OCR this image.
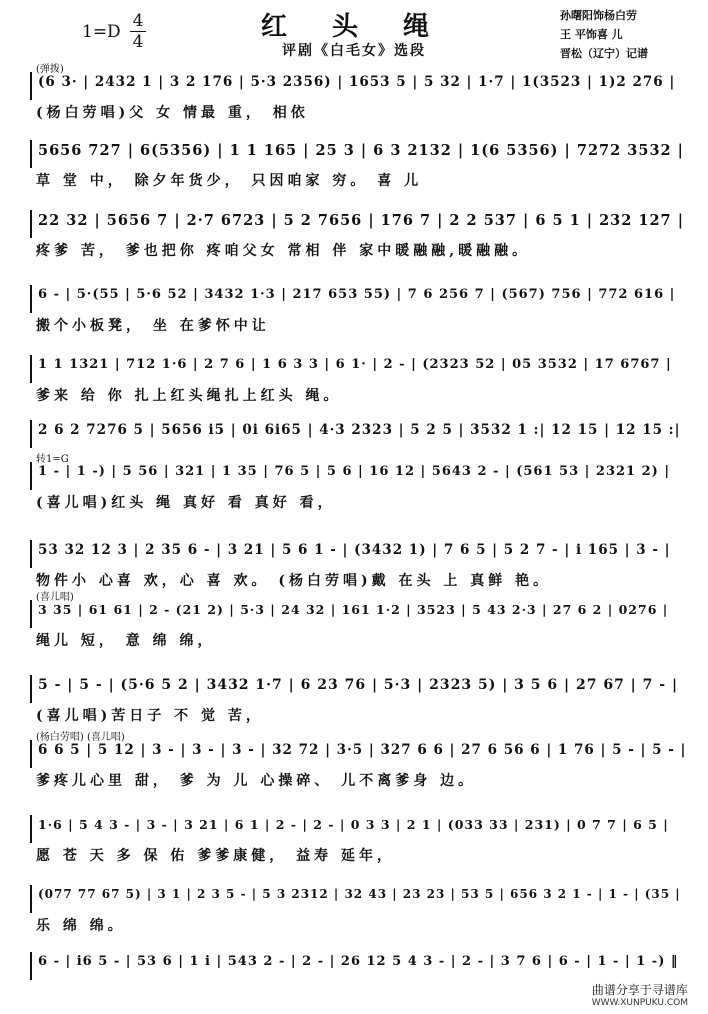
红 头 绳
评剧《白毛女》选段
1=D
4
4
孙曙阳饰杨白劳
王 平饰喜 儿
晋松（辽宁）记谱
(弹拨)
(6 3· | 2432 1 | 3 2 176 | 5·3 2356) | 1653 5 | 5 32 | 1·7 | 1(3523 | 1)2 276 |
(杨白劳唱)父 女 情最 重， 相依
5656 727 | 6(5356) | 1 1 165 | 25 3 | 6 3 2132 | 1(6 5356) | 7272 3532 |
草 堂 中， 除夕年货少， 只因咱家 穷。 喜 儿
22 32 | 5656 7 | 2·7 6723 | 5 2 7656 | 176 7 | 2 2 537 | 6 5 1 | 232 127 |
疼爹 苦， 爹也把你 疼咱父女 常相 伴 家中暖融融,暖融融。
6 - | 5·(55 | 5·6 52 | 3432 1·3 | 217 653 55) | 7 6 256 7 | (567) 756 | 772 616 |
搬个小板凳， 坐 在爹怀中让
1 1 1321 | 712 1·6 | 2 7 6 | 1 6 3 3 | 6 1· | 2 - | (2323 52 | 05 3532 | 17 6767 |
爹来 给 你 扎上红头绳扎上红头 绳。
2 6 2 7276 5 | 5656 i5 | 0i 6i65 | 4·3 2323 | 5 2 5 | 3532 1 :| 12 15 | 12 15 :|
转1=G
1 - | 1 -) | 5 56 | 321 | 1 35 | 76 5 | 5 6 | 16 12 | 5643 2 - | (561 53 | 2321 2) |
(喜儿唱)红头 绳 真好 看 真好 看，
53 32 12 3 | 2 35 6 - | 3 21 | 5 6 1 - | (3432 1) | 7 6 5 | 5 2 7 - | i 165 | 3 - |
物件小 心喜 欢，心 喜 欢。 (杨白劳唱)戴 在头 上 真鲜 艳。
(喜儿唱)
3 35 | 61 61 | 2 - (21 2) | 5·3 | 24 32 | 161 1·2 | 3523 | 5 43 2·3 | 27 6 2 | 0276 |
绳儿 短， 意 绵 绵，
5 - | 5 - | (5·6 5 2 | 3432 1·7 | 6 23 76 | 5·3 | 2323 5) | 3 5 6 | 27 67 | 7 - |
(喜儿唱)苦日子 不 觉 苦，
(杨白劳唱) (喜儿唱)
6 6 5 | 5 12 | 3 - | 3 - | 3 - | 32 72 | 3·5 | 327 6 6 | 27 6 56 6 | 1 76 | 5 - | 5 - |
爹疼儿心里 甜， 爹 为 儿 心操碎、 儿不离爹身 边。
1·6 | 5 4 3 - | 3 - | 3 21 | 6 1 | 2 - | 2 - | 0 3 3 | 2 1 | (033 33 | 231) | 0 7 7 | 6 5 |
愿 苍 天 多 保 佑 爹爹康健， 益寿 延年，
(077 77 67 5) | 3 1 | 2 3 5 - | 5 3 2312 | 32 43 | 23 23 | 53 5 | 656 3 2 1 - | 1 - | (35 |
乐 绵 绵。
6 - | i6 5 - | 53 6 | 1 i | 543 2 - | 2 - | 26 12 5 4 3 - | 2 - | 3 7 6 | 6 - | 1 - | 1 -) ‖
曲谱分享于寻谱库
WWW.XUNPUKU.COM
